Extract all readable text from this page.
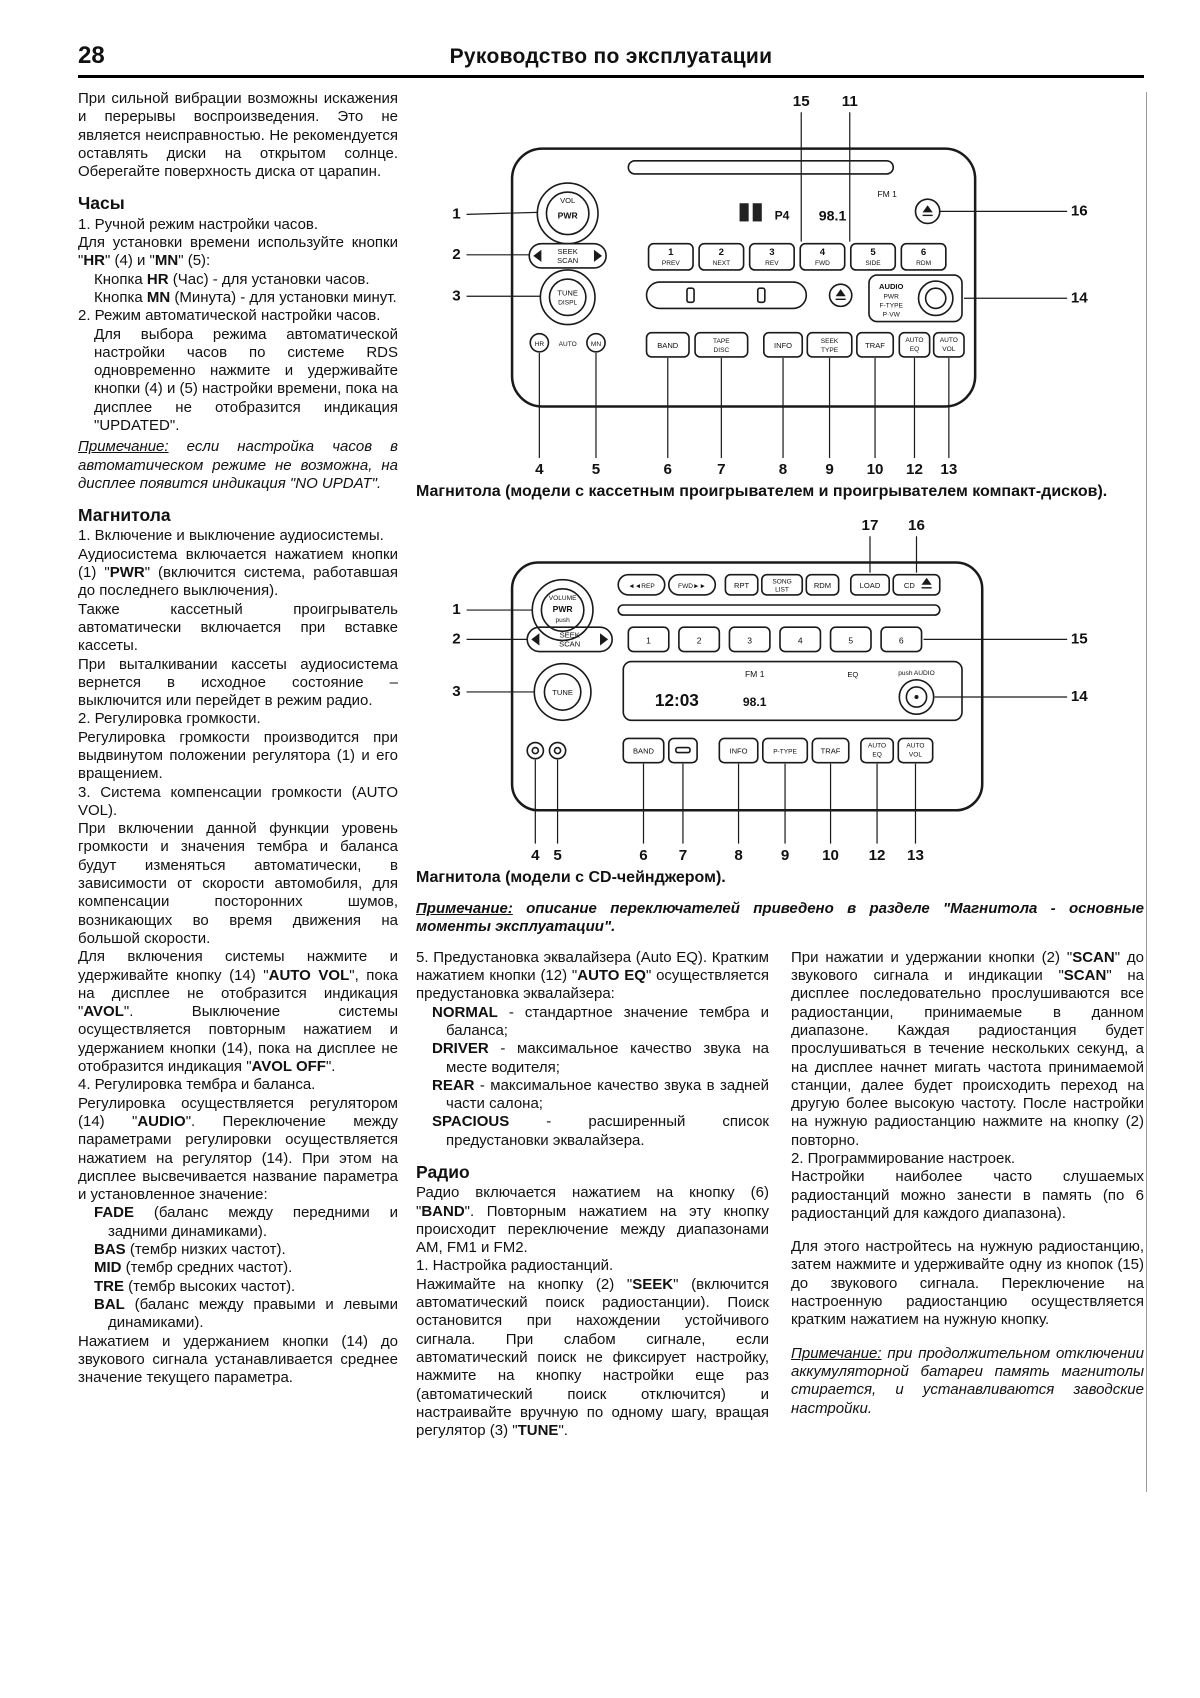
28	Руководство по эксплуатации

При сильной вибрации возможны искажения и перерывы воспроизведения. Это не является неисправностью. Не рекомендуется оставлять диски на открытом солнце. Оберегайте поверхность диска от царапин.

Часы

1. Ручной режим настройки часов.

Для установки времени используйте кнопки "HR" (4) и "MN" (5):

Кнопка HR (Час) - для установки часов.

Кнопка MN (Минута) - для установки минут.

2. Режим автоматической настройки часов.

Для выбора режима автоматической настройки часов по системе RDS одновременно нажмите и удерживайте кнопки (4) и (5) настройки времени, пока на дисплее не отобразится индикация "UPDATED".

Примечание: если настройка часов в автоматическом режиме не возможна, на дисплее появится индикация "NO UPDAT".

Магнитола

1. Включение и выключение аудиосистемы.

Аудиосистема включается нажатием кнопки (1) "PWR" (включится система, работавшая до последнего выключения).

Также кассетный проигрыватель автоматически включается при вставке кассеты.

При выталкивании кассеты аудиосистема вернется в исходное состояние – выключится или перейдет в режим радио.

2. Регулировка громкости.

Регулировка громкости производится при выдвинутом положении регулятора (1) и его вращением.

3. Система компенсации громкости (AUTO VOL).

При включении данной функции уровень громкости и значения тембра и баланса будут изменяться автоматически, в зависимости от скорости автомобиля, для компенсации посторонних шумов, возникающих во время движения на большой скорости.

Для включения системы нажмите и удерживайте кнопку (14) "AUTO VOL", пока на дисплее не отобразится индикация "AVOL". Выключение системы осуществляется повторным нажатием и удержанием кнопки (14), пока на дисплее не отобразится индикация "AVOL OFF".

4. Регулировка тембра и баланса.

Регулировка осуществляется регулятором (14) "AUDIO". Переключение между параметрами регулировки осуществляется нажатием на регулятор (14). При этом на дисплее высвечивается название параметра и установленное значение:

FADE (баланс между передними и задними динамиками).

BAS (тембр низких частот).

MID (тембр средних частот).

TRE (тембр высоких частот).

BAL (баланс между правыми и левыми динамиками).

Нажатием и удержанием кнопки (14) до звукового сигнала устанавливается среднее значение текущего параметра.

VOL
PWR
SEEK
SCAN
TUNE
DISPL
HR AUTO MN
P4 98.1
FM 1
1	2	3	4	5	6
PREV	NEXT	REV	FWD	SIDE	RDM
AUDIO
PWR
F-TYPE
P·VW
BAND	TAPE
DISC
INFO	SEEK
TYPE
TRAF
AUTO
EQ
AUTO
VOL
15 11
1
2
3
16
14
4	5	6	7	8	9 10 12 13
Магнитола (модели с кассетным проигрывателем и проигрывателем компакт-дисков).
VOLUME
PWR
push
◄◄REP	FWD►►	RPT	SONG
LIST
RDM	LOAD	CD
SEEK
SCAN	1	2	3	4	5	6
FM 1	EQ
12:03	98.1
push AUDIO
TUNE
BAND	INFO	P-TYPE	TRAF
AUTO
EQ
AUTO
VOL
17 16
1
2
3
15
14
4 5	6 7	8	9 10 12 13
Магнитола (модели с CD-чейнджером).

Примечание: описание переключателей приведено в разделе "Магнитола - основные моменты эксплуатации".

5. Предустановка эквалайзера (Auto EQ). Кратким нажатием кнопки (12) "AUTO EQ" осуществляется предустановка эквалайзера:

NORMAL - стандартное значение тембра и баланса;

DRIVER - максимальное качество звука на месте водителя;

REAR - максимальное качество звука в задней части салона;

SPACIOUS - расширенный список предустановки эквалайзера.

Радио

Радио включается нажатием на кнопку (6) "BAND". Повторным нажатием на эту кнопку происходит переключение между диапазонами AM, FM1 и FM2.

1. Настройка радиостанций.

Нажимайте на кнопку (2) "SEEK" (включится автоматический поиск радиостанции). Поиск остановится при нахождении устойчивого сигнала. При слабом сигнале, если автоматический поиск не фиксирует настройку, нажмите на кнопку настройки еще раз (автоматический поиск отключится) и настраивайте вручную по одному шагу, вращая регулятор (3) "TUNE".

При нажатии и удержании кнопки (2) "SCAN" до звукового сигнала и индикации "SCAN" на дисплее последовательно прослушиваются все радиостанции, принимаемые в данном диапазоне. Каждая радиостанция будет прослушиваться в течение нескольких секунд, а на дисплее начнет мигать частота принимаемой станции, далее будет происходить переход на другую более высокую частоту. После настройки на нужную радиостанцию нажмите на кнопку (2) повторно.

2. Программирование настроек.

Настройки наиболее часто слушаемых радиостанций можно занести в память (по 6 радиостанций для каждого диапазона).

Для этого настройтесь на нужную радиостанцию, затем нажмите и удерживайте одну из кнопок (15) до звукового сигнала. Переключение на настроенную радиостанцию осуществляется кратким нажатием на нужную кнопку.

Примечание: при продолжительном отключении аккумуляторной батареи память магнитолы стирается, и устанавливаются заводские настройки.
